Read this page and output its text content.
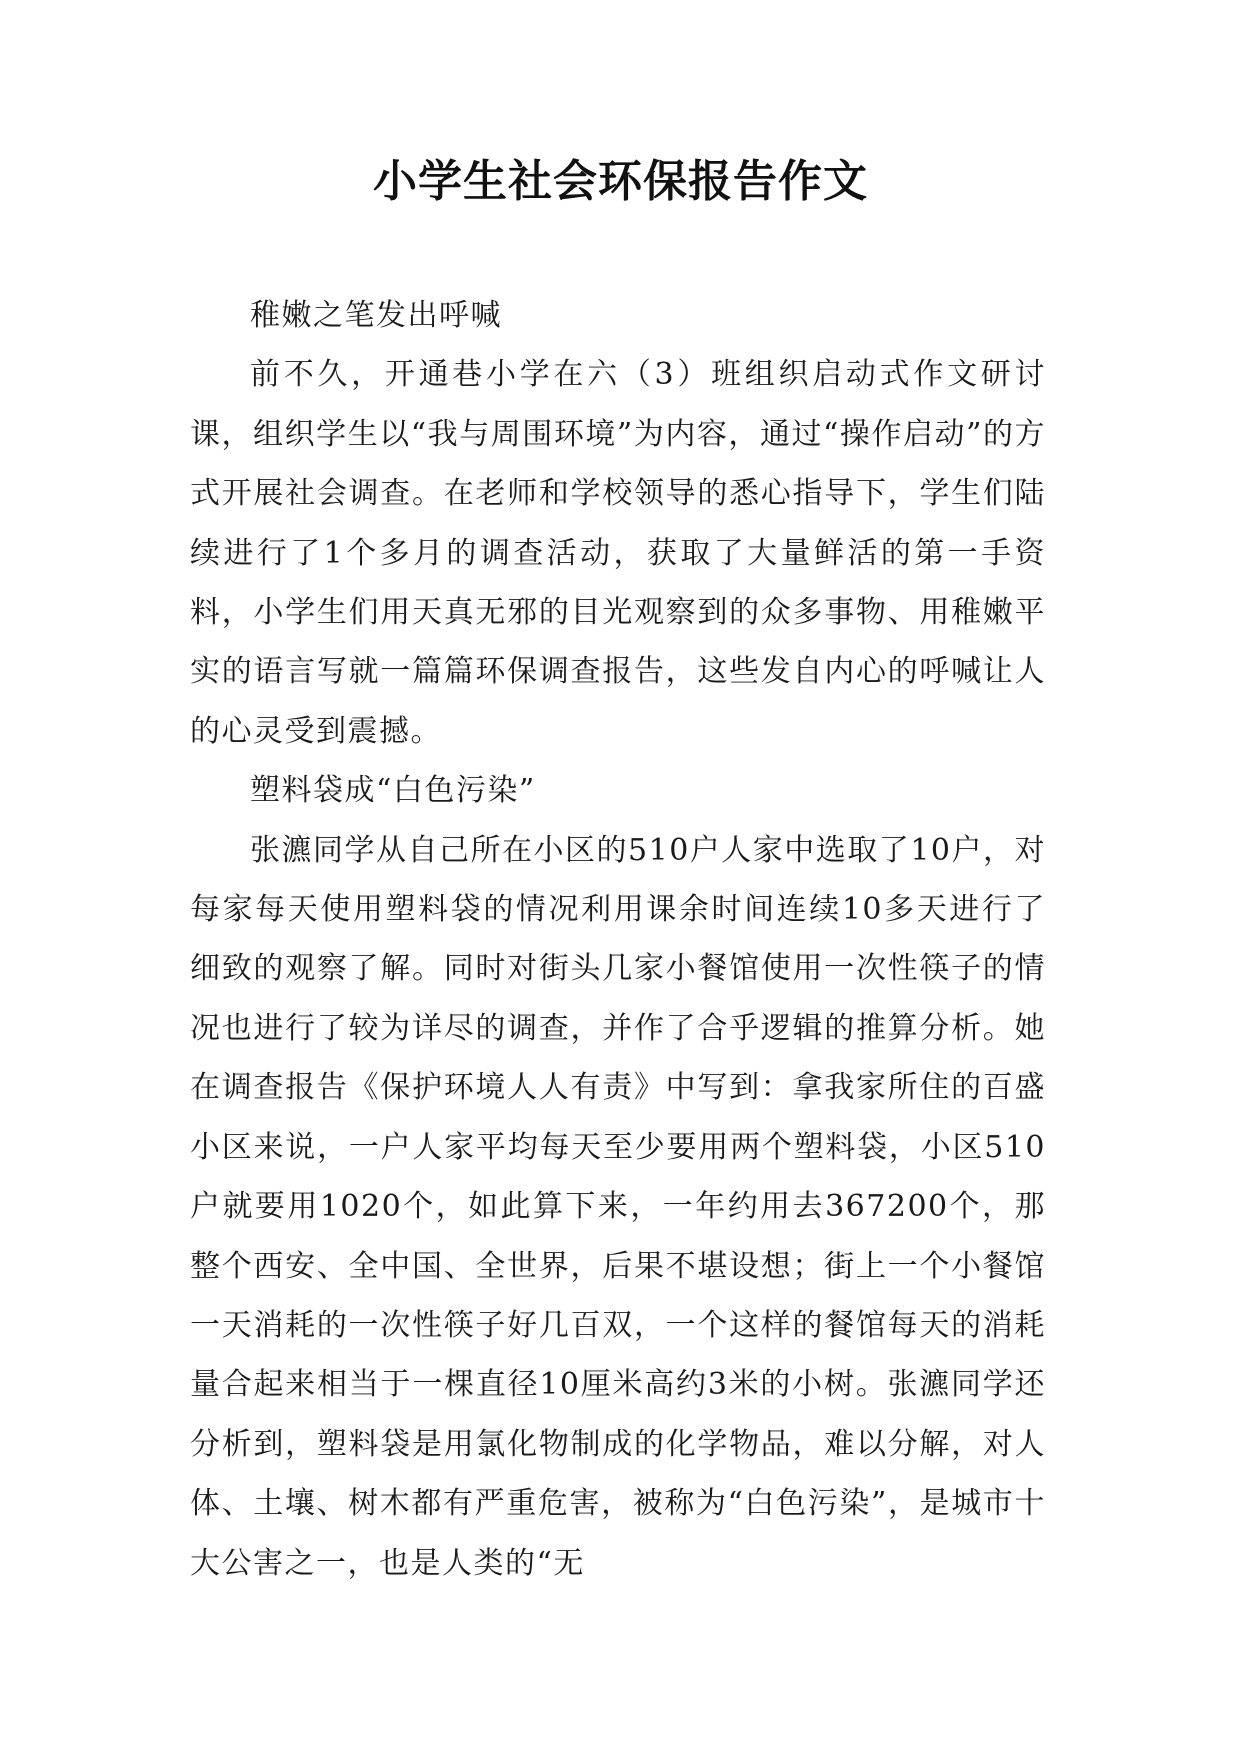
小学生社会环保报告作文

稚嫩之笔发出呼喊

前不久，开通巷小学在六（3）班组织启动式作文研讨课，组织学生以“我与周围环境”为内容，通过“操作启动”的方式开展社会调查。在老师和学校领导的悉心指导下，学生们陆续进行了1个多月的调查活动，获取了大量鲜活的第一手资料，小学生们用天真无邪的目光观察到的众多事物、用稚嫩平实的语言写就一篇篇环保调查报告，这些发自内心的呼喊让人的心灵受到震撼。

塑料袋成“白色污染”

张瀌同学从自己所在小区的510户人家中选取了10户，对每家每天使用塑料袋的情况利用课余时间连续10多天进行了细致的观察了解。同时对街头几家小餐馆使用一次性筷子的情况也进行了较为详尽的调查，并作了合乎逻辑的推算分析。她在调查报告《保护环境人人有责》中写到：拿我家所住的百盛小区来说，一户人家平均每天至少要用两个塑料袋，小区510户就要用1020个，如此算下来，一年约用去367200个，那整个西安、全中国、全世界，后果不堪设想；街上一个小餐馆一天消耗的一次性筷子好几百双，一个这样的餐馆每天的消耗量合起来相当于一棵直径10厘米高约3米的小树。张瀌同学还分析到，塑料袋是用氯化物制成的化学物品，难以分解，对人体、土壤、树木都有严重危害，被称为“白色污染”，是城市十大公害之一，也是人类的“无
